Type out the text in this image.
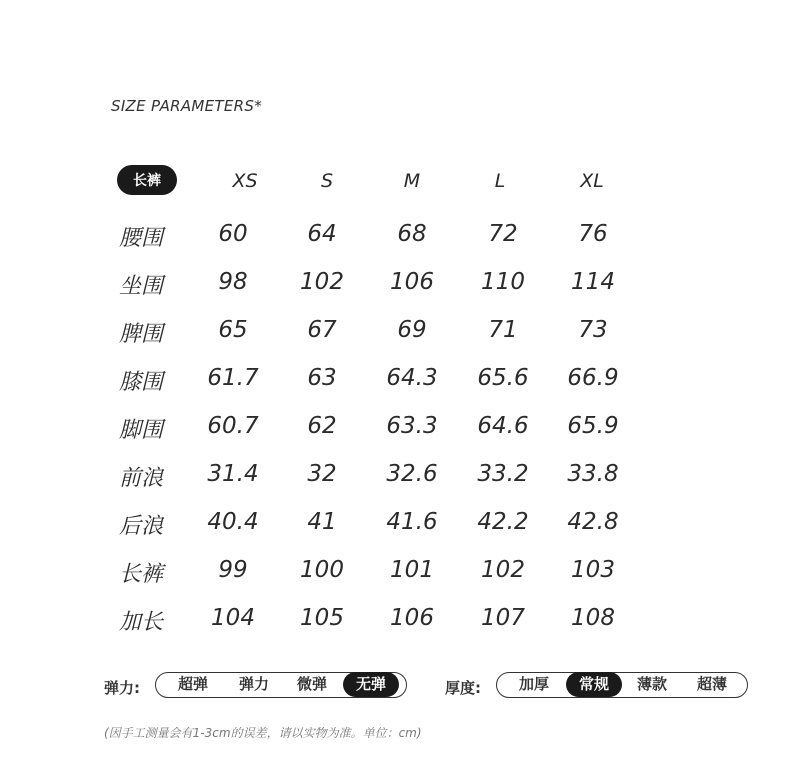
SIZE PARAMETERS*
长裤	XS	S	M	L	XL
腰围	60	64	68	72	76
坐围	98	102	106	110	114
脾围	65	67	69	71	73
膝围	61.7	63	64.3	65.6	66.9
脚围	60.7	62	63.3	64.6	65.9
前浪	31.4	32	32.6	33.2	33.8
后浪	40.4	41	41.6	42.2	42.8
长裤	99	100	101	102	103
加长	104	105	106	107	108
弹力:	超弹	弹力	微弹	无弹	厚度:	加厚	常规	薄款	超薄
(因手工测量会有1-3cm的误差，请以实物为准。单位：cm)
